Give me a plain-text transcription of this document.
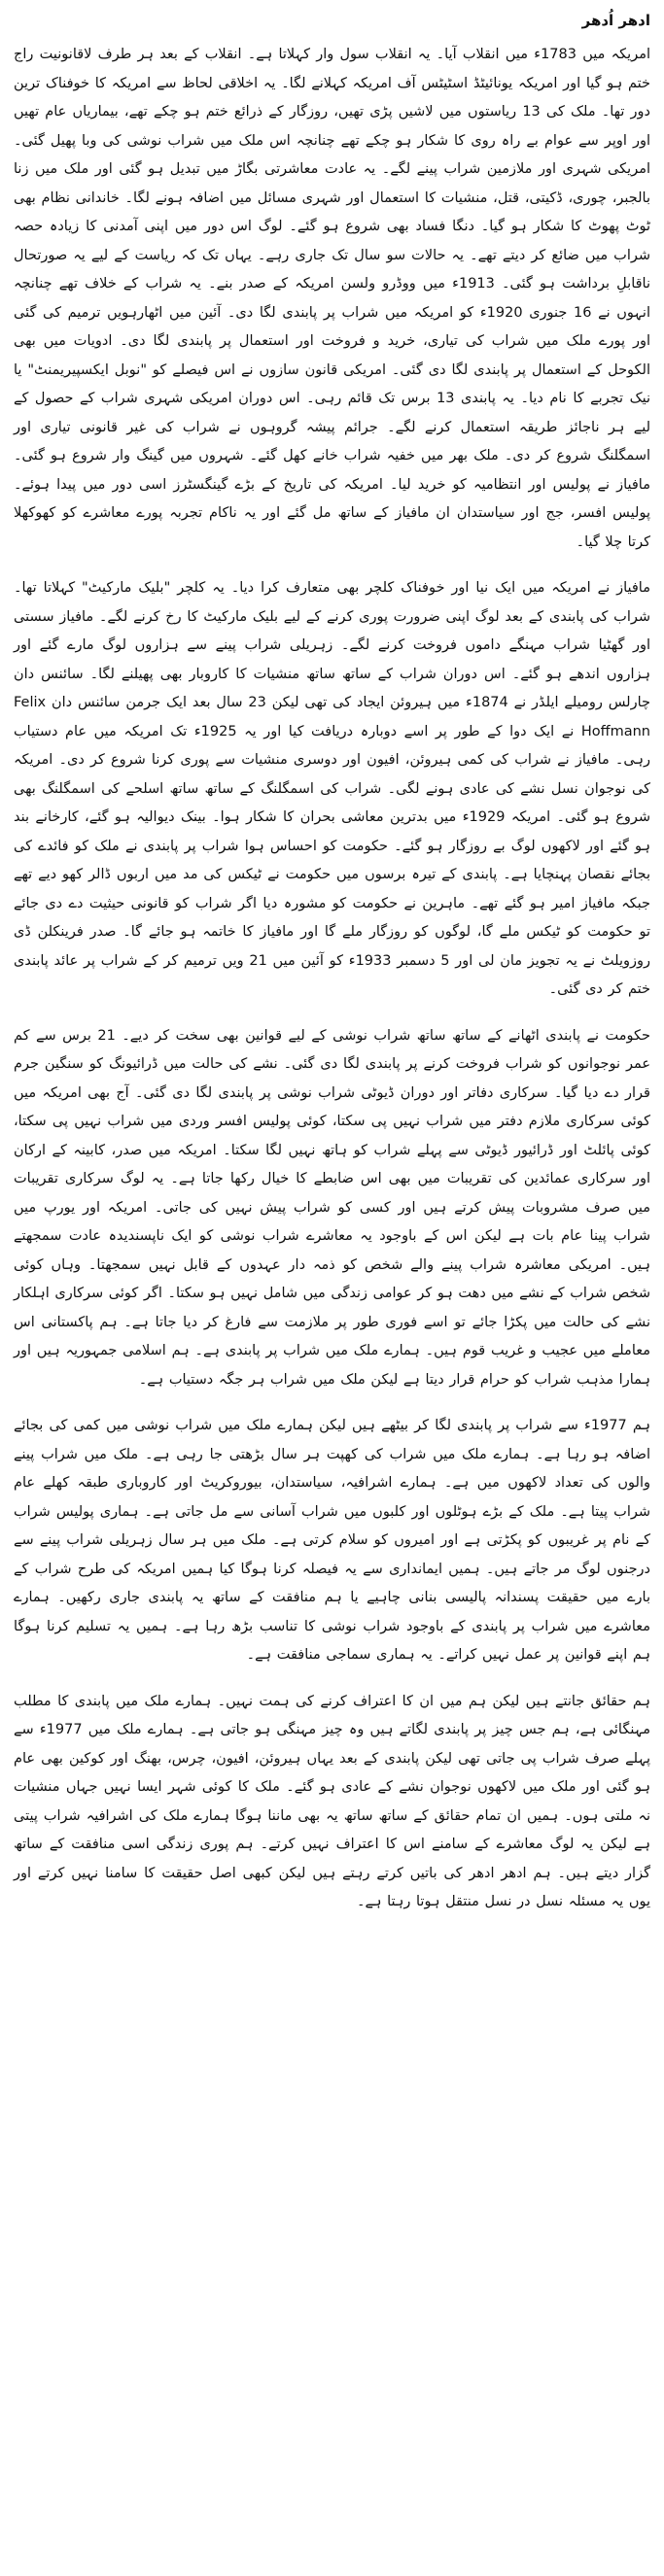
ادھر اُدھر

امریکہ میں 1783ء میں انقلاب آیا۔ یہ انقلاب سول وار کہلاتا ہے۔ انقلاب کے بعد ہر طرف لاقانونیت راج ختم ہو گیا اور امریکہ یونائیٹڈ اسٹیٹس آف امریکہ کہلانے لگا۔ یہ اخلاقی لحاظ سے امریکہ کا خوفناک ترین دور تھا۔ ملک کی 13 ریاستوں میں لاشیں پڑی تھیں، روزگار کے ذرائع ختم ہو چکے تھے، بیماریاں عام تھیں اور اوپر سے عوام بے راہ روی کا شکار ہو چکے تھے چنانچہ اس ملک میں شراب نوشی کی وبا پھیل گئی۔ امریکی شہری اور ملازمین شراب پینے لگے۔ یہ عادت معاشرتی بگاڑ میں تبدیل ہو گئی اور ملک میں زنا بالجبر، چوری، ڈکیتی، قتل، منشیات کا استعمال اور شہری مسائل میں اضافہ ہونے لگا۔ خاندانی نظام بھی ٹوٹ پھوٹ کا شکار ہو گیا۔ دنگا فساد بھی شروع ہو گئے۔ لوگ اس دور میں اپنی آمدنی کا زیادہ حصہ شراب میں ضائع کر دیتے تھے۔ یہ حالات سو سال تک جاری رہے۔ یہاں تک کہ ریاست کے لیے یہ صورتحال ناقابلِ برداشت ہو گئی۔ 1913ء میں ووڈرو ولسن امریکہ کے صدر بنے۔ یہ شراب کے خلاف تھے چنانچہ انہوں نے 16 جنوری 1920ء کو امریکہ میں شراب پر پابندی لگا دی۔ آئین میں اٹھارہویں ترمیم کی گئی اور پورے ملک میں شراب کی تیاری، خرید و فروخت اور استعمال پر پابندی لگا دی۔ ادویات میں بھی الکوحل کے استعمال پر پابندی لگا دی گئی۔ امریکی قانون سازوں نے اس فیصلے کو "نوبل ایکسپیریمنٹ" یا نیک تجربے کا نام دیا۔ یہ پابندی 13 برس تک قائم رہی۔ اس دوران امریکی شہری شراب کے حصول کے لیے ہر ناجائز طریقہ استعمال کرنے لگے۔ جرائم پیشہ گروہوں نے شراب کی غیر قانونی تیاری اور اسمگلنگ شروع کر دی۔ ملک بھر میں خفیہ شراب خانے کھل گئے۔ شہروں میں گینگ وار شروع ہو گئی۔ مافیاز نے پولیس اور انتظامیہ کو خرید لیا۔ امریکہ کی تاریخ کے بڑے گینگسٹرز اسی دور میں پیدا ہوئے۔ پولیس افسر، جج اور سیاستدان ان مافیاز کے ساتھ مل گئے اور یہ ناکام تجربہ پورے معاشرے کو کھوکھلا کرتا چلا گیا۔

مافیاز نے امریکہ میں ایک نیا اور خوفناک کلچر بھی متعارف کرا دیا۔ یہ کلچر "بلیک مارکیٹ" کہلاتا تھا۔ شراب کی پابندی کے بعد لوگ اپنی ضرورت پوری کرنے کے لیے بلیک مارکیٹ کا رخ کرنے لگے۔ مافیاز سستی اور گھٹیا شراب مہنگے داموں فروخت کرنے لگے۔ زہریلی شراب پینے سے ہزاروں لوگ مارے گئے اور ہزاروں اندھے ہو گئے۔ اس دوران شراب کے ساتھ ساتھ منشیات کا کاروبار بھی پھیلنے لگا۔ سائنس دان چارلس رومیلے ایلڈر نے 1874ء میں ہیروئن ایجاد کی تھی لیکن 23 سال بعد ایک جرمن سائنس دان Felix Hoffmann نے ایک دوا کے طور پر اسے دوبارہ دریافت کیا اور یہ 1925ء تک امریکہ میں عام دستیاب رہی۔ مافیاز نے شراب کی کمی ہیروئن، افیون اور دوسری منشیات سے پوری کرنا شروع کر دی۔ امریکہ کی نوجوان نسل نشے کی عادی ہونے لگی۔ شراب کی اسمگلنگ کے ساتھ ساتھ اسلحے کی اسمگلنگ بھی شروع ہو گئی۔ امریکہ 1929ء میں بدترین معاشی بحران کا شکار ہوا۔ بینک دیوالیہ ہو گئے، کارخانے بند ہو گئے اور لاکھوں لوگ بے روزگار ہو گئے۔ حکومت کو احساس ہوا شراب پر پابندی نے ملک کو فائدے کی بجائے نقصان پہنچایا ہے۔ پابندی کے تیرہ برسوں میں حکومت نے ٹیکس کی مد میں اربوں ڈالر کھو دیے تھے جبکہ مافیاز امیر ہو گئے تھے۔ ماہرین نے حکومت کو مشورہ دیا اگر شراب کو قانونی حیثیت دے دی جائے تو حکومت کو ٹیکس ملے گا، لوگوں کو روزگار ملے گا اور مافیاز کا خاتمہ ہو جائے گا۔ صدر فرینکلن ڈی روزویلٹ نے یہ تجویز مان لی اور 5 دسمبر 1933ء کو آئین میں 21 ویں ترمیم کر کے شراب پر عائد پابندی ختم کر دی گئی۔

حکومت نے پابندی اٹھانے کے ساتھ ساتھ شراب نوشی کے لیے قوانین بھی سخت کر دیے۔ 21 برس سے کم عمر نوجوانوں کو شراب فروخت کرنے پر پابندی لگا دی گئی۔ نشے کی حالت میں ڈرائیونگ کو سنگین جرم قرار دے دیا گیا۔ سرکاری دفاتر اور دوران ڈیوٹی شراب نوشی پر پابندی لگا دی گئی۔ آج بھی امریکہ میں کوئی سرکاری ملازم دفتر میں شراب نہیں پی سکتا، کوئی پولیس افسر وردی میں شراب نہیں پی سکتا، کوئی پائلٹ اور ڈرائیور ڈیوٹی سے پہلے شراب کو ہاتھ نہیں لگا سکتا۔ امریکہ میں صدر، کابینہ کے ارکان اور سرکاری عمائدین کی تقریبات میں بھی اس ضابطے کا خیال رکھا جاتا ہے۔ یہ لوگ سرکاری تقریبات میں صرف مشروبات پیش کرتے ہیں اور کسی کو شراب پیش نہیں کی جاتی۔ امریکہ اور یورپ میں شراب پینا عام بات ہے لیکن اس کے باوجود یہ معاشرے شراب نوشی کو ایک ناپسندیدہ عادت سمجھتے ہیں۔ امریکی معاشرہ شراب پینے والے شخص کو ذمہ دار عہدوں کے قابل نہیں سمجھتا۔ وہاں کوئی شخص شراب کے نشے میں دھت ہو کر عوامی زندگی میں شامل نہیں ہو سکتا۔ اگر کوئی سرکاری اہلکار نشے کی حالت میں پکڑا جائے تو اسے فوری طور پر ملازمت سے فارغ کر دیا جاتا ہے۔ ہم پاکستانی اس معاملے میں عجیب و غریب قوم ہیں۔ ہمارے ملک میں شراب پر پابندی ہے۔ ہم اسلامی جمہوریہ ہیں اور ہمارا مذہب شراب کو حرام قرار دیتا ہے لیکن ملک میں شراب ہر جگہ دستیاب ہے۔

ہم 1977ء سے شراب پر پابندی لگا کر بیٹھے ہیں لیکن ہمارے ملک میں شراب نوشی میں کمی کی بجائے اضافہ ہو رہا ہے۔ ہمارے ملک میں شراب کی کھپت ہر سال بڑھتی جا رہی ہے۔ ملک میں شراب پینے والوں کی تعداد لاکھوں میں ہے۔ ہمارے اشرافیہ، سیاستدان، بیوروکریٹ اور کاروباری طبقہ کھلے عام شراب پیتا ہے۔ ملک کے بڑے ہوٹلوں اور کلبوں میں شراب آسانی سے مل جاتی ہے۔ ہماری پولیس شراب کے نام پر غریبوں کو پکڑتی ہے اور امیروں کو سلام کرتی ہے۔ ملک میں ہر سال زہریلی شراب پینے سے درجنوں لوگ مر جاتے ہیں۔ ہمیں ایمانداری سے یہ فیصلہ کرنا ہوگا کیا ہمیں امریکہ کی طرح شراب کے بارے میں حقیقت پسندانہ پالیسی بنانی چاہیے یا ہم منافقت کے ساتھ یہ پابندی جاری رکھیں۔ ہمارے معاشرے میں شراب پر پابندی کے باوجود شراب نوشی کا تناسب بڑھ رہا ہے۔ ہمیں یہ تسلیم کرنا ہوگا ہم اپنے قوانین پر عمل نہیں کراتے۔ یہ ہماری سماجی منافقت ہے۔

ہم حقائق جانتے ہیں لیکن ہم میں ان کا اعتراف کرنے کی ہمت نہیں۔ ہمارے ملک میں پابندی کا مطلب مہنگائی ہے، ہم جس چیز پر پابندی لگاتے ہیں وہ چیز مہنگی ہو جاتی ہے۔ ہمارے ملک میں 1977ء سے پہلے صرف شراب پی جاتی تھی لیکن پابندی کے بعد یہاں ہیروئن، افیون، چرس، بھنگ اور کوکین بھی عام ہو گئی اور ملک میں لاکھوں نوجوان نشے کے عادی ہو گئے۔ ملک کا کوئی شہر ایسا نہیں جہاں منشیات نہ ملتی ہوں۔ ہمیں ان تمام حقائق کے ساتھ ساتھ یہ بھی ماننا ہوگا ہمارے ملک کی اشرافیہ شراب پیتی ہے لیکن یہ لوگ معاشرے کے سامنے اس کا اعتراف نہیں کرتے۔ ہم پوری زندگی اسی منافقت کے ساتھ گزار دیتے ہیں۔ ہم ادھر ادھر کی باتیں کرتے رہتے ہیں لیکن کبھی اصل حقیقت کا سامنا نہیں کرتے اور یوں یہ مسئلہ نسل در نسل منتقل ہوتا رہتا ہے۔
